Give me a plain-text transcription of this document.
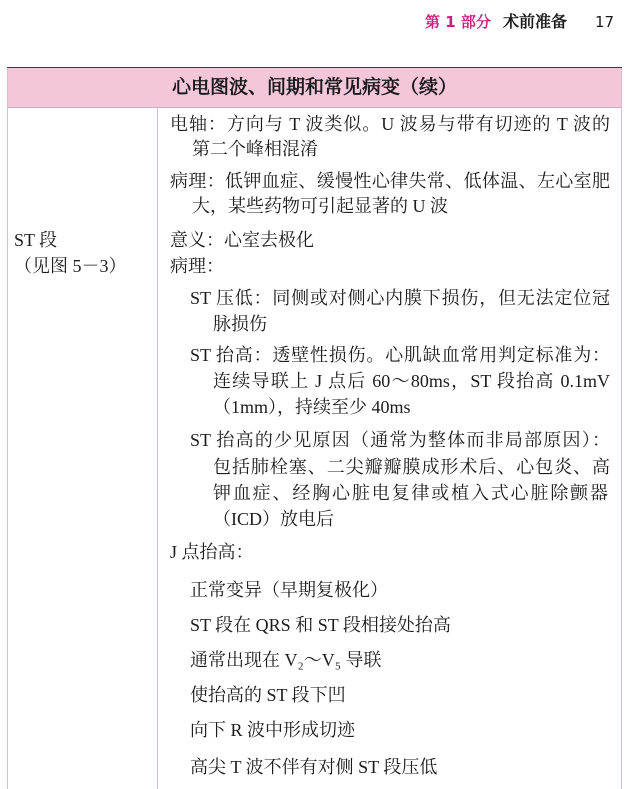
第 1 部分 术前准备 17
心电图波、间期和常见病变（续）
ST 段
（见图 5－3）
电轴：方向与 T 波类似。U 波易与带有切迹的 T 波的
第二个峰相混淆
病理：低钾血症、缓慢性心律失常、低体温、左心室肥
大，某些药物可引起显著的 U 波
意义：心室去极化
病理：
ST 压低：同侧或对侧心内膜下损伤，但无法定位冠
脉损伤
ST 抬高：透壁性损伤。心肌缺血常用判定标准为：
连续导联上 J 点后 60～80ms，ST 段抬高 0.1mV
（1mm），持续至少 40ms
ST 抬高的少见原因（通常为整体而非局部原因）：
包括肺栓塞、二尖瓣瓣膜成形术后、心包炎、高
钾血症、经胸心脏电复律或植入式心脏除颤器
（ICD）放电后
J 点抬高：
正常变异（早期复极化）
ST 段在 QRS 和 ST 段相接处抬高
通常出现在 V₂～V₅ 导联
使抬高的 ST 段下凹
向下 R 波中形成切迹
高尖 T 波不伴有对侧 ST 段压低
